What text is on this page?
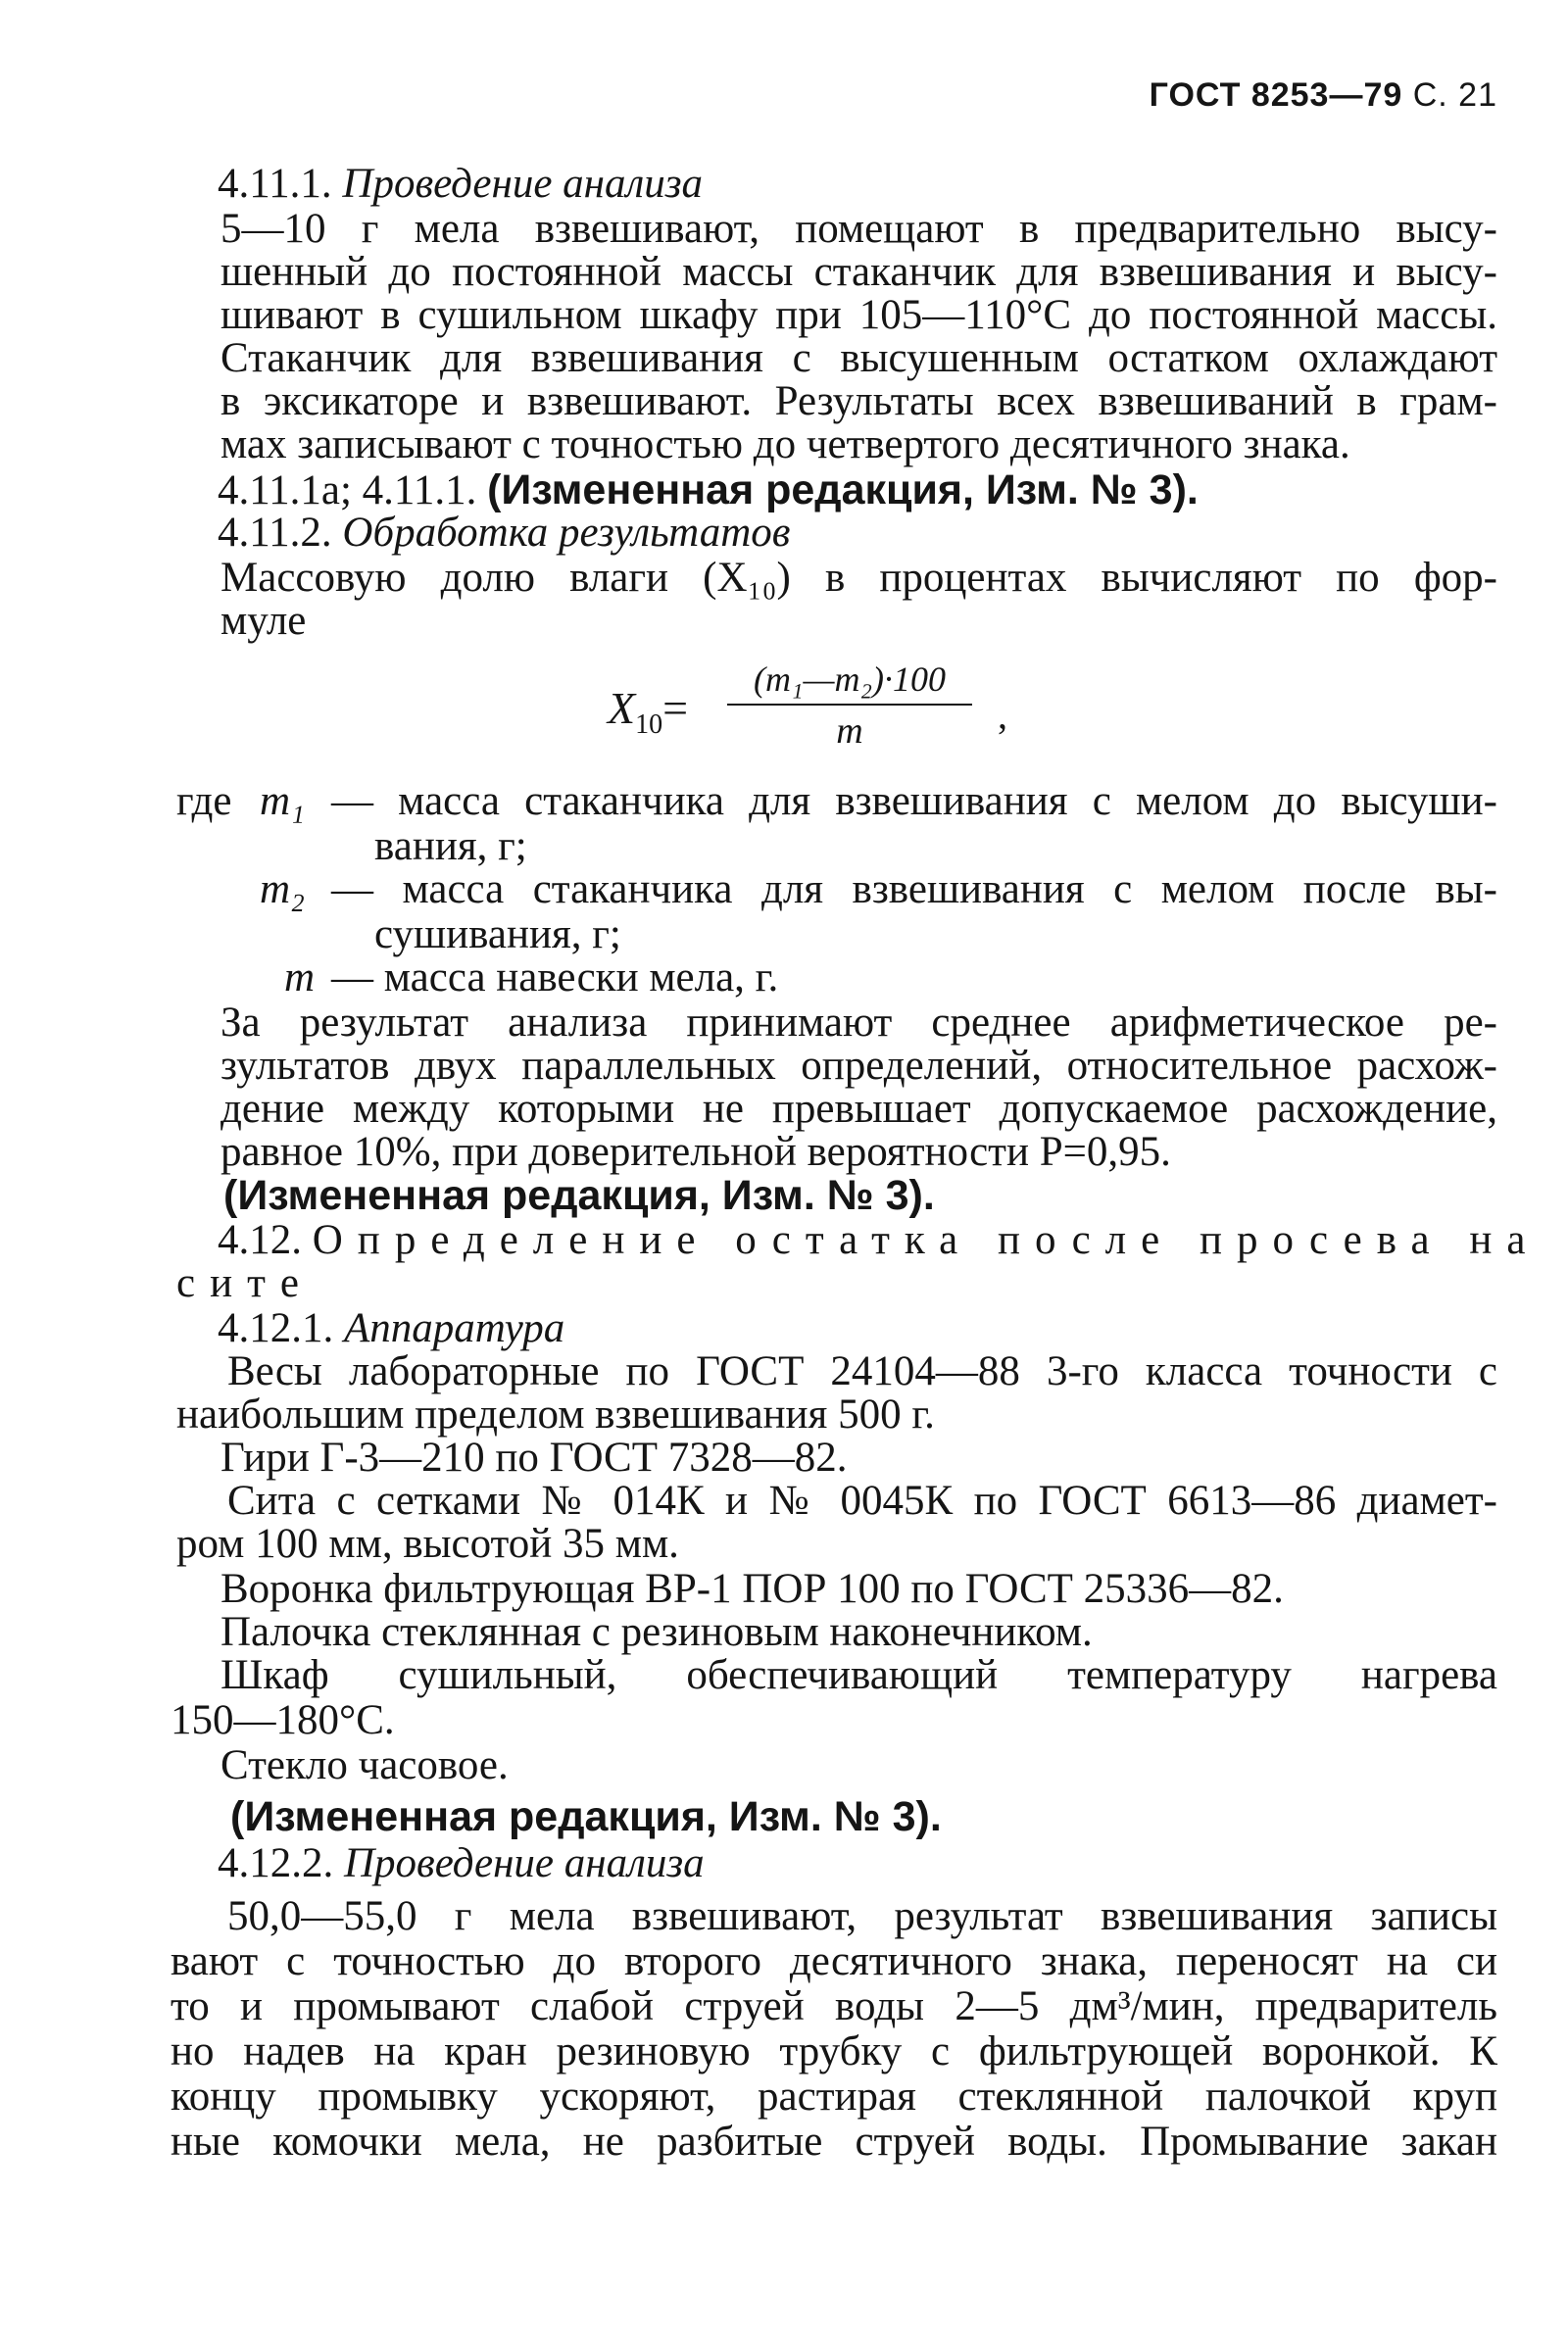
ГОСТ 8253—79 С. 21
4.11.1. Проведение анализа
5—10 г мела взвешивают, помещают в предварительно высу-
шенный до постоянной массы стаканчик для взвешивания и высу-
шивают в сушильном шкафу при 105—110°С до постоянной массы.
Стаканчик для взвешивания с высушенным остатком охлаждают
в эксикаторе и взвешивают. Результаты всех взвешиваний в грам-
мах записывают с точностью до четвертого десятичного знака.
4.11.1а; 4.11.1. (Измененная редакция, Изм. № 3).
4.11.2. Обработка результатов
Массовую долю влаги (X₁₀) в процентах вычисляют по фор-
муле
$X_{10}= \frac{\text{(m₁—m₂)·100}}{m}$ ,
где m₁ — масса стаканчика для взвешивания с мелом до высуши-
вания, г;
m₂ — масса стаканчика для взвешивания с мелом после вы-
сушивания, г;
m — масса навески мела, г.
За результат анализа принимают среднее арифметическое ре-
зультатов двух параллельных определений, относительное расхож-
дение между которыми не превышает допускаемое расхождение,
равное 10%, при доверительной вероятности P=0,95.
(Измененная редакция, Изм. № 3).
4.12. Определение остатка после просева на
сите
4.12.1. Аппаратура
Весы лабораторные по ГОСТ 24104—88 3-го класса точности с
наибольшим пределом взвешивания 500 г.
Гири Г-3—210 по ГОСТ 7328—82.
Сита с сетками № 014К и № 0045К по ГОСТ 6613—86 диамет-
ром 100 мм, высотой 35 мм.
Воронка фильтрующая ВР-1 ПОР 100 по ГОСТ 25336—82.
Палочка стеклянная с резиновым наконечником.
Шкаф сушильный, обеспечивающий температуру нагрева
150—180°С.
Стекло часовое.
(Измененная редакция, Изм. № 3).
4.12.2. Проведение анализа
50,0—55,0 г мела взвешивают, результат взвешивания записы
вают с точностью до второго десятичного знака, переносят на си
то и промывают слабой струей воды 2—5 дм³/мин, предваритель
но надев на кран резиновую трубку с фильтрующей воронкой. К
концу промывку ускоряют, растирая стеклянной палочкой круп
ные комочки мела, не разбитые струей воды. Промывание закан
